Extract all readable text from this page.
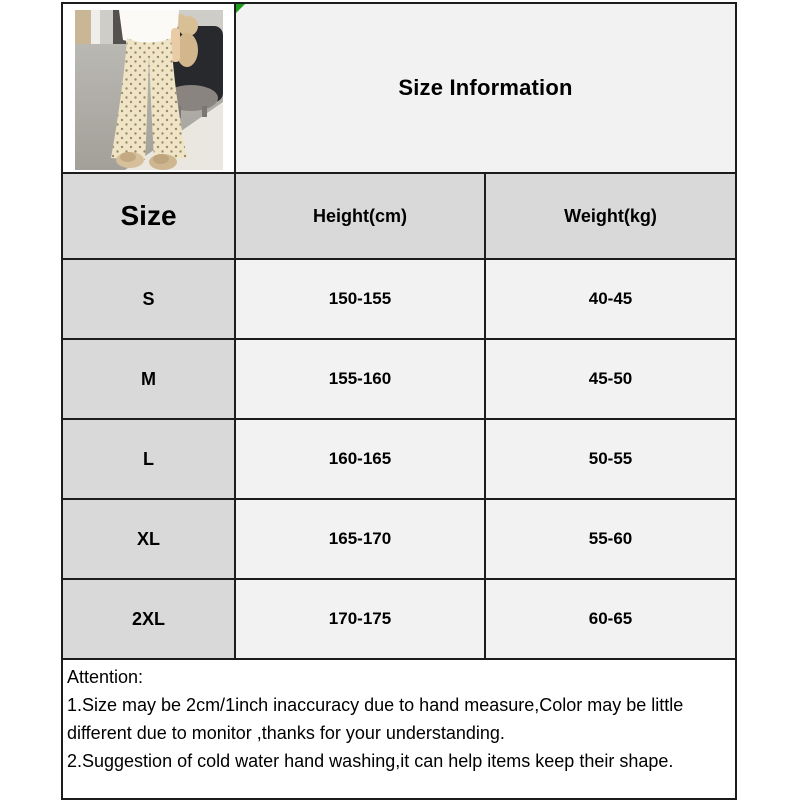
Size Information	
Size	Height(cm)	Weight(kg)
S	150-155	40-45
M	155-160	45-50
L	160-165	50-55
XL	165-170	55-60
2XL	170-175	60-65

Attention:
1.Size may be 2cm/1inch inaccuracy due to hand measure,Color may be little different due to monitor ,thanks for your understanding.
2.Suggestion of cold water hand washing,it can help items keep their shape.		
